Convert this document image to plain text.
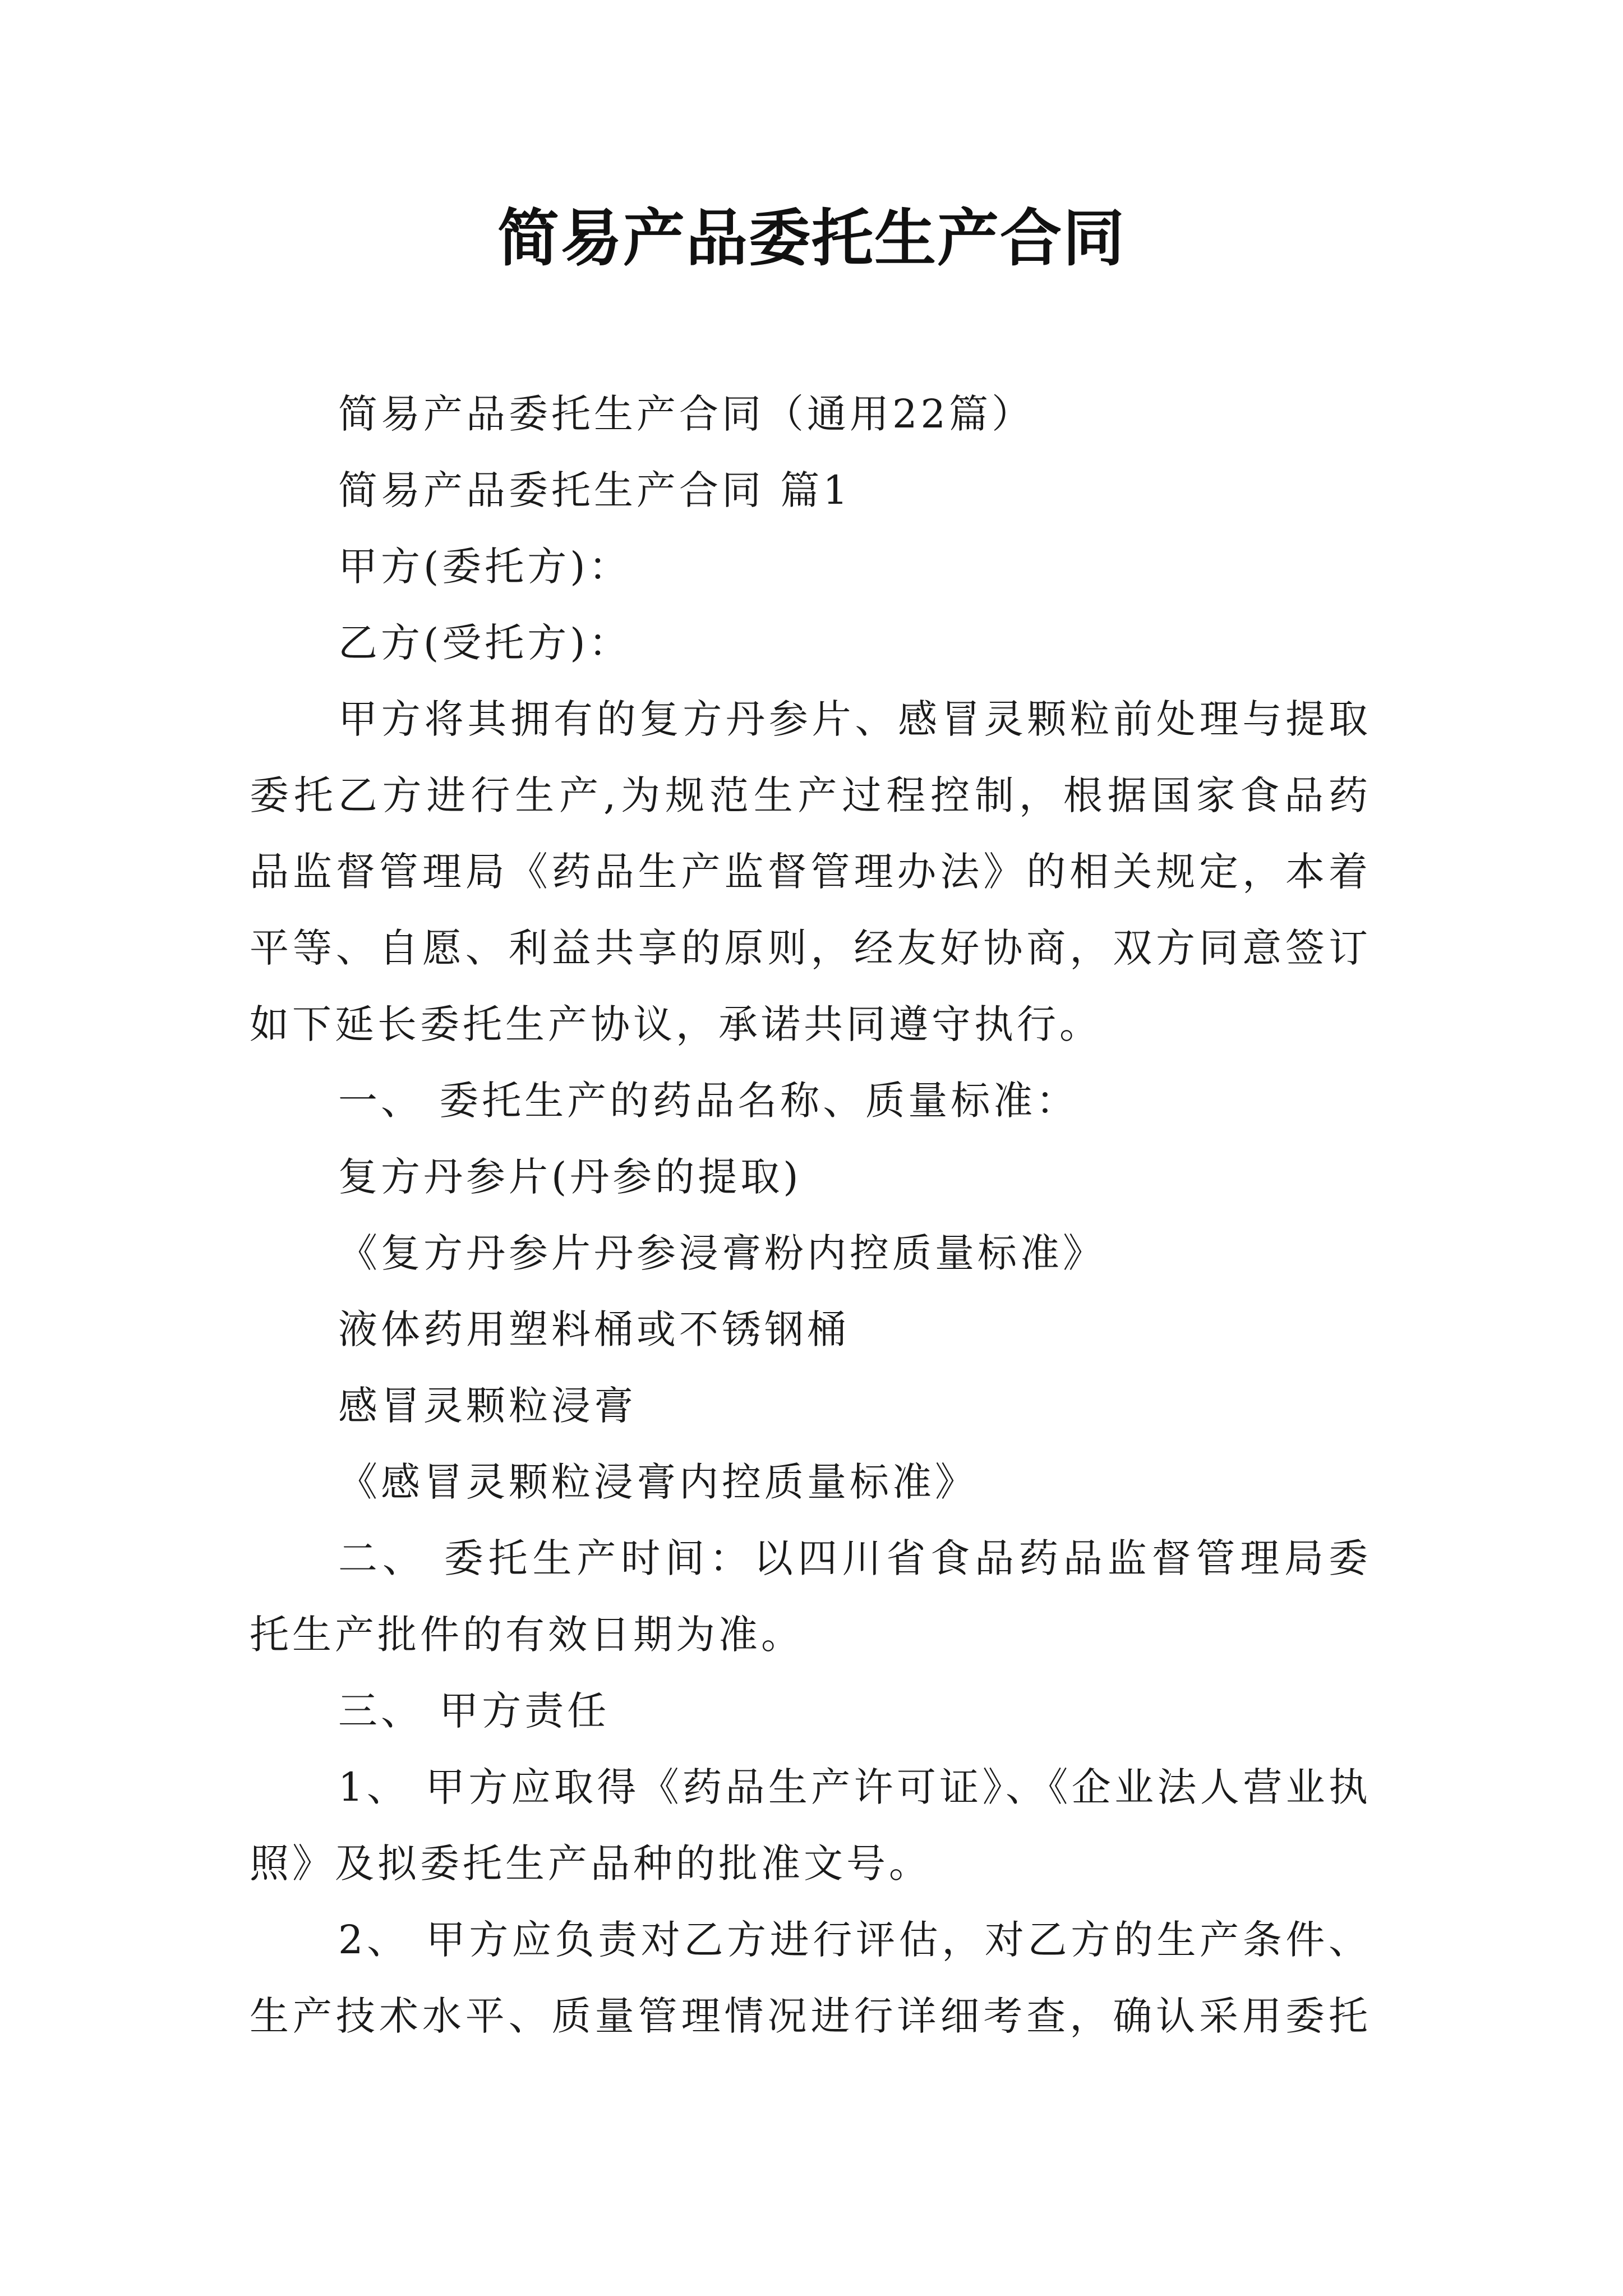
简易产品委托生产合同
简易产品委托生产合同（通用22篇）
简易产品委托生产合同 篇1
甲方(委托方)：
乙方(受托方)：
甲方将其拥有的复方丹参片、感冒灵颗粒前处理与提取
委托乙方进行生产,为规范生产过程控制，根据国家食品药
品监督管理局《药品生产监督管理办法》的相关规定，本着
平等、自愿、利益共享的原则，经友好协商，双方同意签订
如下延长委托生产协议，承诺共同遵守执行。
一、 委托生产的药品名称、质量标准：
复方丹参片(丹参的提取)
《复方丹参片丹参浸膏粉内控质量标准》
液体药用塑料桶或不锈钢桶
感冒灵颗粒浸膏
《感冒灵颗粒浸膏内控质量标准》
二、 委托生产时间：以四川省食品药品监督管理局委
托生产批件的有效日期为准。
三、 甲方责任
1、 甲方应取得《药品生产许可证》、《企业法人营业执
照》及拟委托生产品种的批准文号。
2、 甲方应负责对乙方进行评估，对乙方的生产条件、
生产技术水平、质量管理情况进行详细考查，确认采用委托
